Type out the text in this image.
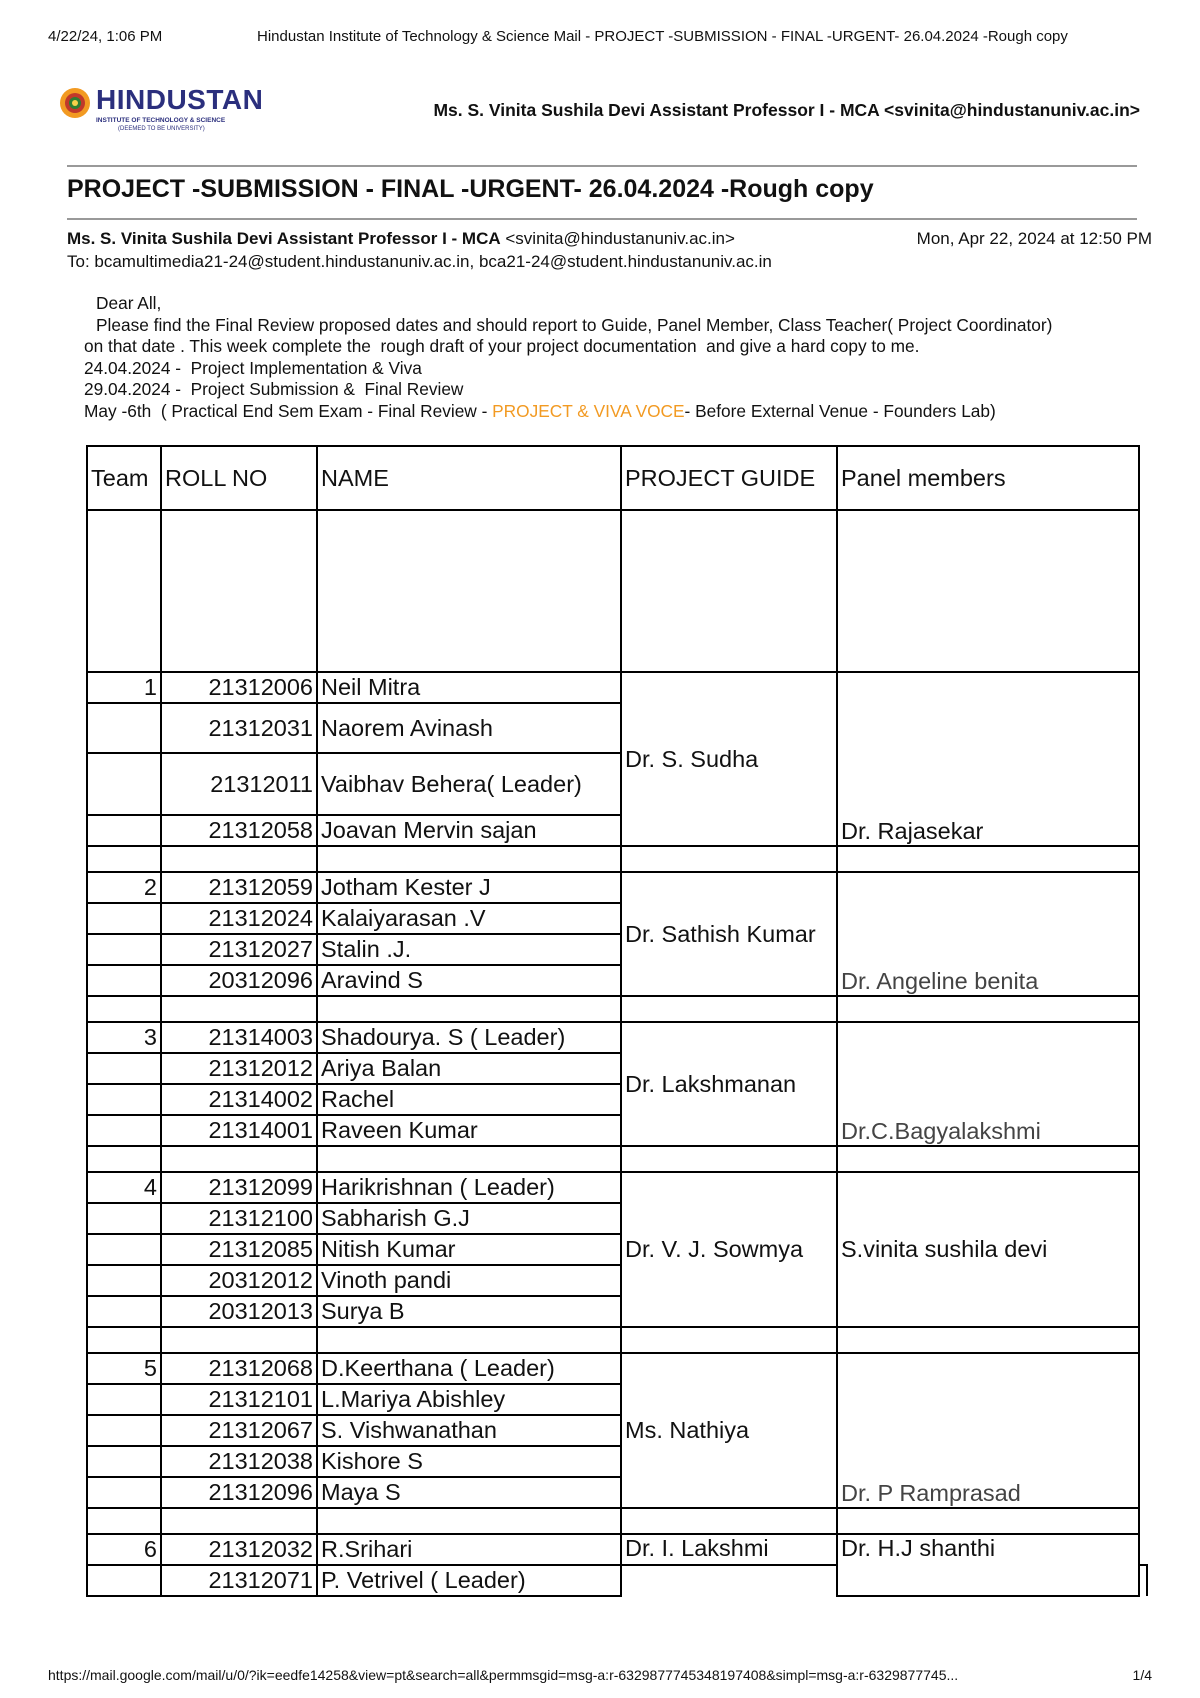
4/22/24, 1:06 PM	Hindustan Institute of Technology & Science Mail - PROJECT -SUBMISSION - FINAL -URGENT- 26.04.2024 -Rough copy
HINDUSTAN
INSTITUTE OF TECHNOLOGY & SCIENCE
(DEEMED TO BE UNIVERSITY)
Ms. S. Vinita Sushila Devi Assistant Professor I - MCA <svinita@hindustanuniv.ac.in>
PROJECT -SUBMISSION - FINAL -URGENT- 26.04.2024 -Rough copy
Ms. S. Vinita Sushila Devi Assistant Professor I - MCA <svinita@hindustanuniv.ac.in>	Mon, Apr 22, 2024 at 12:50 PM
To: bcamultimedia21-24@student.hindustanuniv.ac.in, bca21-24@student.hindustanuniv.ac.in
Dear All,
Please find the Final Review proposed dates and should report to Guide, Panel Member, Class Teacher( Project Coordinator)
on that date . This week complete the  rough draft of your project documentation  and give a hard copy to me.
24.04.2024 -  Project Implementation & Viva
29.04.2024 -  Project Submission &  Final Review
May -6th  ( Practical End Sem Exam - Final Review - PROJECT & VIVA VOCE- Before External Venue - Founders Lab)
Team	ROLL NO	NAME	PROJECT GUIDE	Panel members	

1	21312006	Neil Mitra	Dr. S. Sudha	Dr. Rajasekar	
	21312031	Naorem Avinash			
	21312011	Vaibhav Behera( Leader)			
	21312058	Joavan Mervin sajan			

2	21312059	Jotham Kester J	Dr. Sathish Kumar	Dr. Angeline benita	
	21312024	Kalaiyarasan .V			
	21312027	Stalin .J.			
	20312096	Aravind S			

3	21314003	Shadourya. S ( Leader)	Dr. Lakshmanan	Dr.C.Bagyalakshmi	
	21312012	Ariya Balan			
	21314002	Rachel			
	21314001	Raveen Kumar			

4	21312099	Harikrishnan ( Leader)	Dr. V. J. Sowmya	S.vinita sushila devi	
	21312100	Sabharish G.J			
	21312085	Nitish Kumar			
	20312012	Vinoth pandi			
	20312013	Surya B			

5	21312068	D.Keerthana ( Leader)	Ms. Nathiya	Dr. P Ramprasad	
	21312101	L.Mariya Abishley			
	21312067	S. Vishwanathan			
	21312038	Kishore S			
	21312096	Maya S			

6	21312032	R.Srihari	Dr. I. Lakshmi	Dr. H.J shanthi	
	21312071	P. Vetrivel ( Leader)			
https://mail.google.com/mail/u/0/?ik=eedfe14258&view=pt&search=all&permmsgid=msg-a:r-6329877745348197408&simpl=msg-a:r-6329877745...	1/4
